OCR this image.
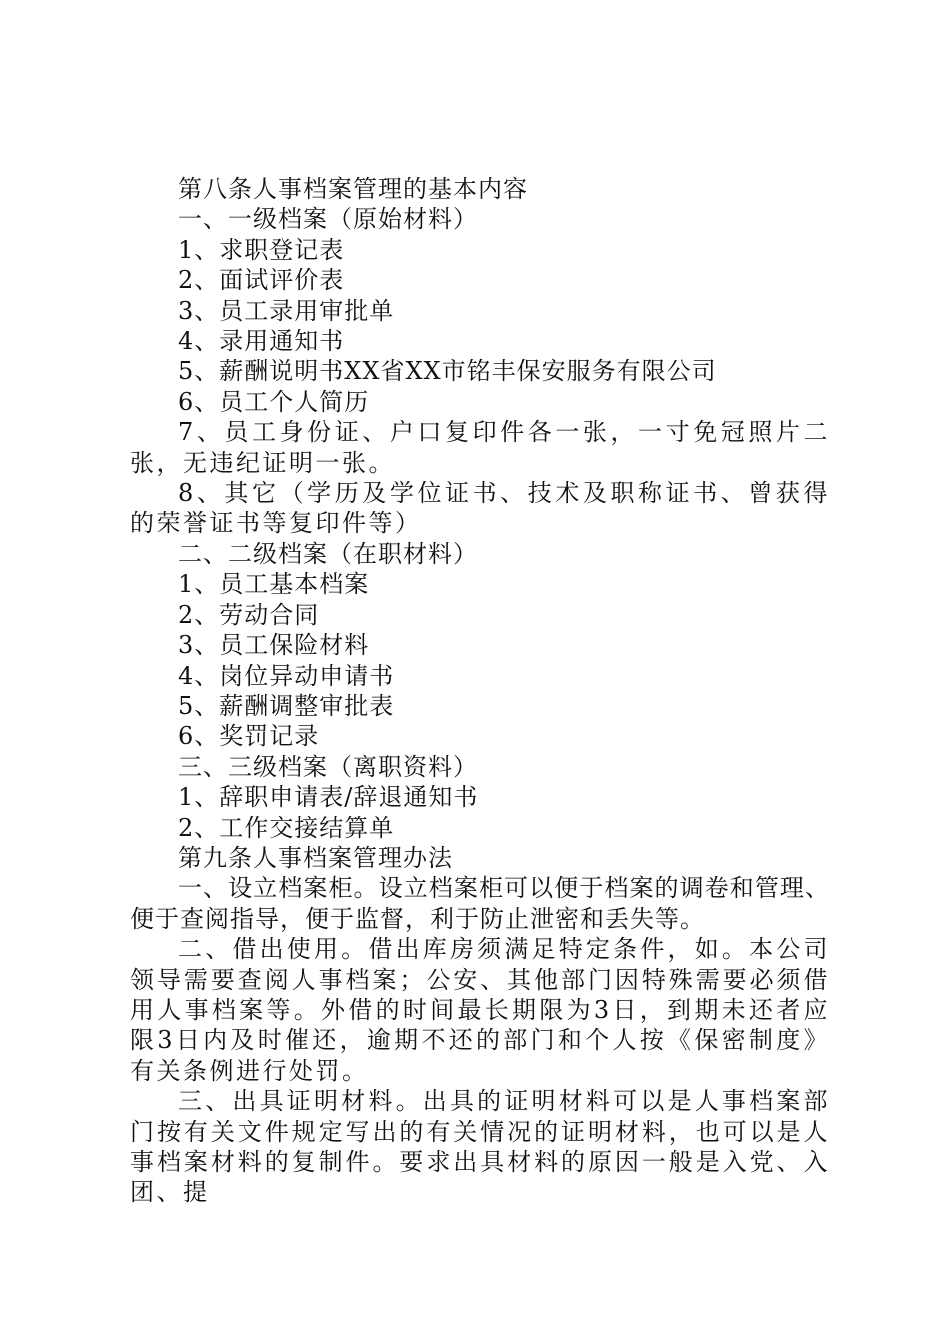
第八条人事档案管理的基本内容

一、一级档案（原始材料）

1、求职登记表

2、面试评价表

3、员工录用审批单

4、录用通知书

5、薪酬说明书XX省XX市铭丰保安服务有限公司

6、员工个人简历

7、员工身份证、户口复印件各一张，一寸免冠照片二张，无违纪证明一张。

8、其它（学历及学位证书、技术及职称证书、曾获得的荣誉证书等复印件等）

二、二级档案（在职材料）

1、员工基本档案

2、劳动合同

3、员工保险材料

4、岗位异动申请书

5、薪酬调整审批表

6、奖罚记录

三、三级档案（离职资料）

1、辞职申请表/辞退通知书

2、工作交接结算单

第九条人事档案管理办法

一、设立档案柜。设立档案柜可以便于档案的调卷和管理、便于查阅指导，便于监督，利于防止泄密和丢失等。

二、借出使用。借出库房须满足特定条件，如。本公司领导需要查阅人事档案；公安、其他部门因特殊需要必须借用人事档案等。外借的时间最长期限为3日，到期未还者应限3日内及时催还，逾期不还的部门和个人按《保密制度》有关条例进行处罚。

三、出具证明材料。出具的证明材料可以是人事档案部门按有关文件规定写出的有关情况的证明材料，也可以是人事档案材料的复制件。要求出具材料的原因一般是入党、入团、提
